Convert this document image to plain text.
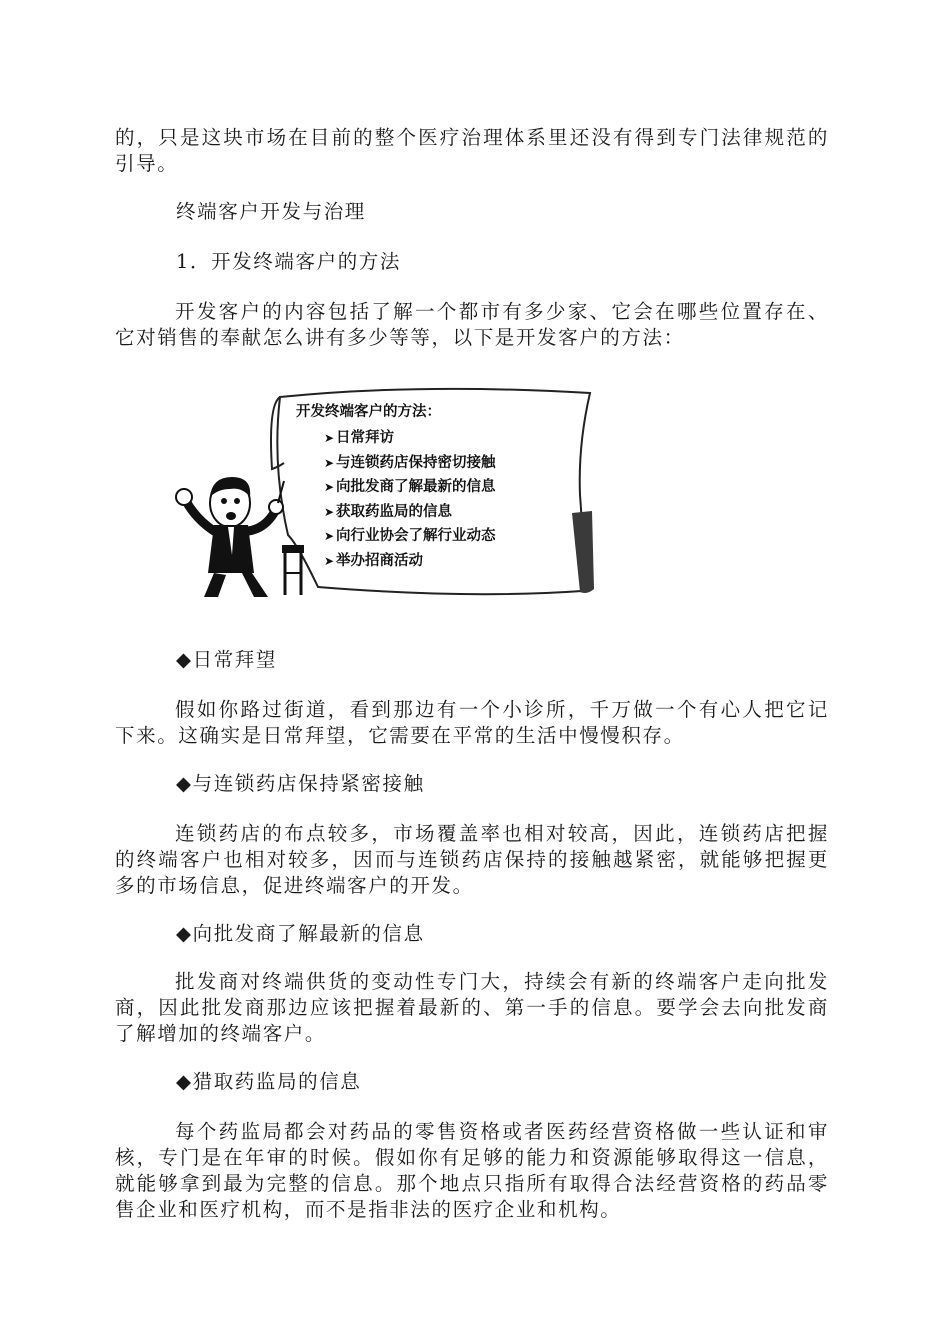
的，只是这块市场在目前的整个医疗治理体系里还没有得到专门法律规范的引导。

终端客户开发与治理

1．开发终端客户的方法

开发客户的内容包括了解一个都市有多少家、它会在哪些位置存在、它对销售的奉献怎么讲有多少等等，以下是开发客户的方法：

开发终端客户的方法：
➤ 日常拜访
➤ 与连锁药店保持密切接触
➤ 向批发商了解最新的信息
➤ 获取药监局的信息
➤ 向行业协会了解行业动态
➤ 举办招商活动

◆日常拜望

假如你路过街道，看到那边有一个小诊所，千万做一个有心人把它记下来。这确实是日常拜望，它需要在平常的生活中慢慢积存。

◆与连锁药店保持紧密接触

连锁药店的布点较多，市场覆盖率也相对较高，因此，连锁药店把握的终端客户也相对较多，因而与连锁药店保持的接触越紧密，就能够把握更多的市场信息，促进终端客户的开发。

◆向批发商了解最新的信息

批发商对终端供货的变动性专门大，持续会有新的终端客户走向批发商，因此批发商那边应该把握着最新的、第一手的信息。要学会去向批发商了解增加的终端客户。

◆猎取药监局的信息

每个药监局都会对药品的零售资格或者医药经营资格做一些认证和审核，专门是在年审的时候。假如你有足够的能力和资源能够取得这一信息，就能够拿到最为完整的信息。那个地点只指所有取得合法经营资格的药品零售企业和医疗机构，而不是指非法的医疗企业和机构。
